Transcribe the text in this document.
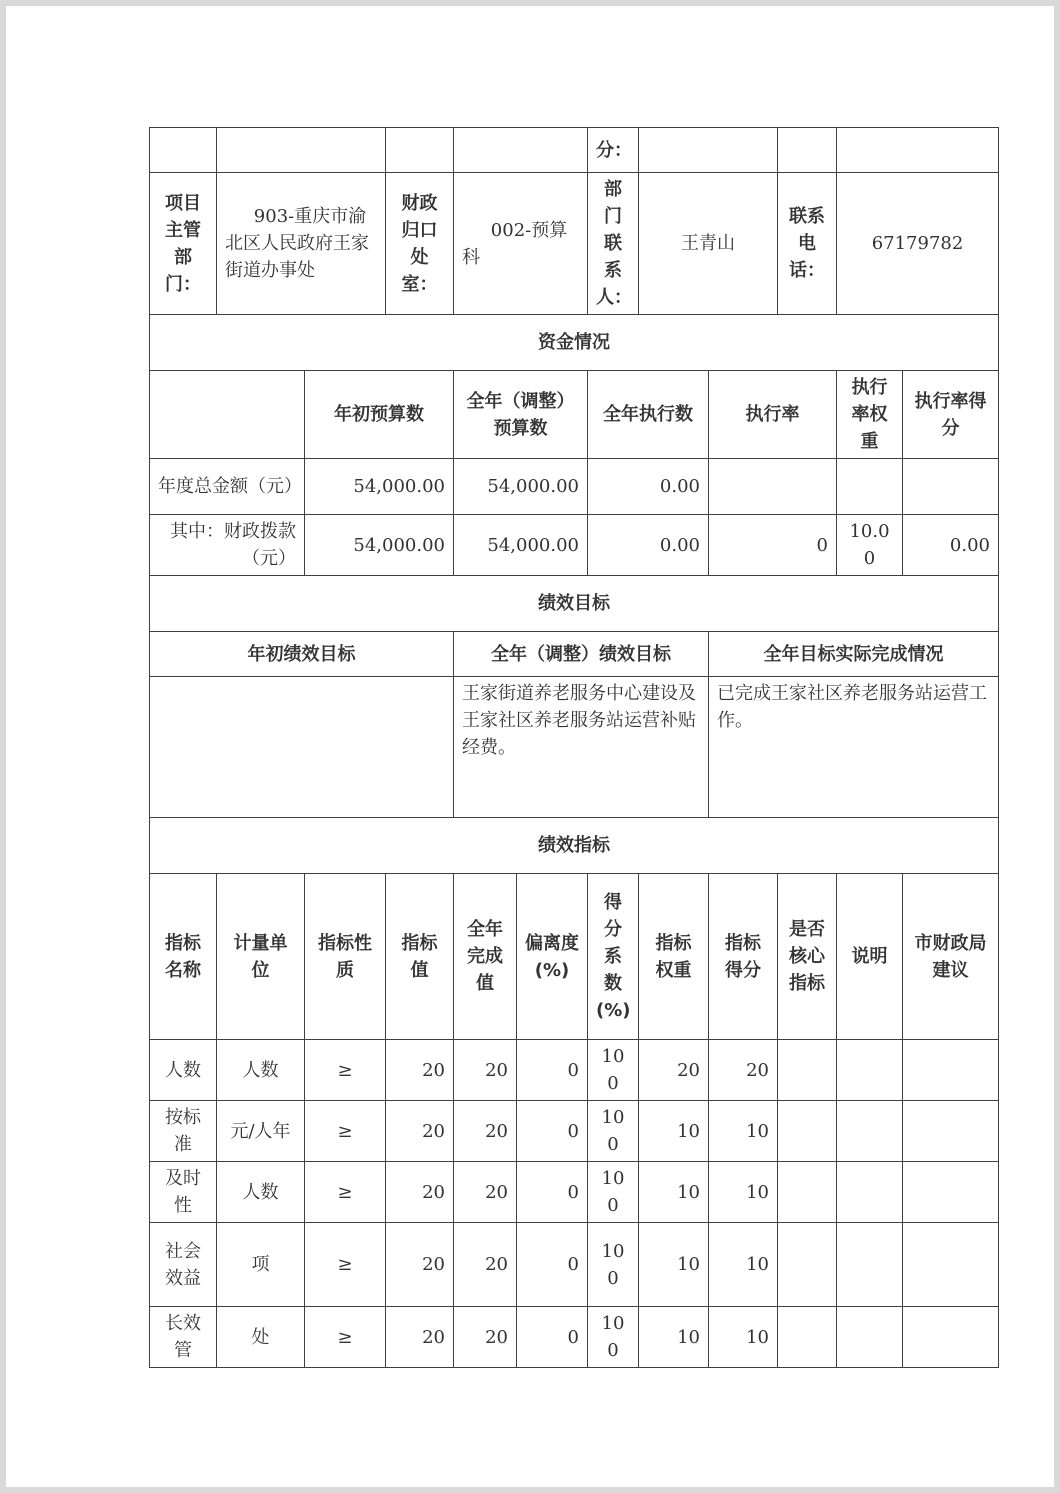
						分：					
项目主管部门：	903-重庆市渝北区人民政府王家街道办事处		财政归口处室：	002-预算科		部门联系人：	王青山		联系电话：	67179782	
资金情况											
		年初预算数		全年（调整）预算数		全年执行数		执行率		执行率权重	执行率得分
年度总金额（元）		54,000.00		54,000.00		0.00					
其中：财政拨款（元）		54,000.00		54,000.00		0.00		0		10.00	0.00
绩效目标											
年初绩效目标				全年（调整）绩效目标				全年目标实际完成情况			
				王家街道养老服务中心建设及王家社区养老服务站运营补贴经费。				已完成王家社区养老服务站运营工作。			
绩效指标											
指标名称	计量单位	指标性质	指标值	全年完成值	偏离度(%)	得分系数(%)	指标权重	指标得分	是否核心指标	说明	市财政局建议
人数	人数	≥	20	20	0	100	20	20			
按标准	元/人年	≥	20	20	0	100	10	10			
及时性	人数	≥	20	20	0	100	10	10			
社会效益	项	≥	20	20	0	100	10	10			
长效管	处	≥	20	20	0	100	10	10			
